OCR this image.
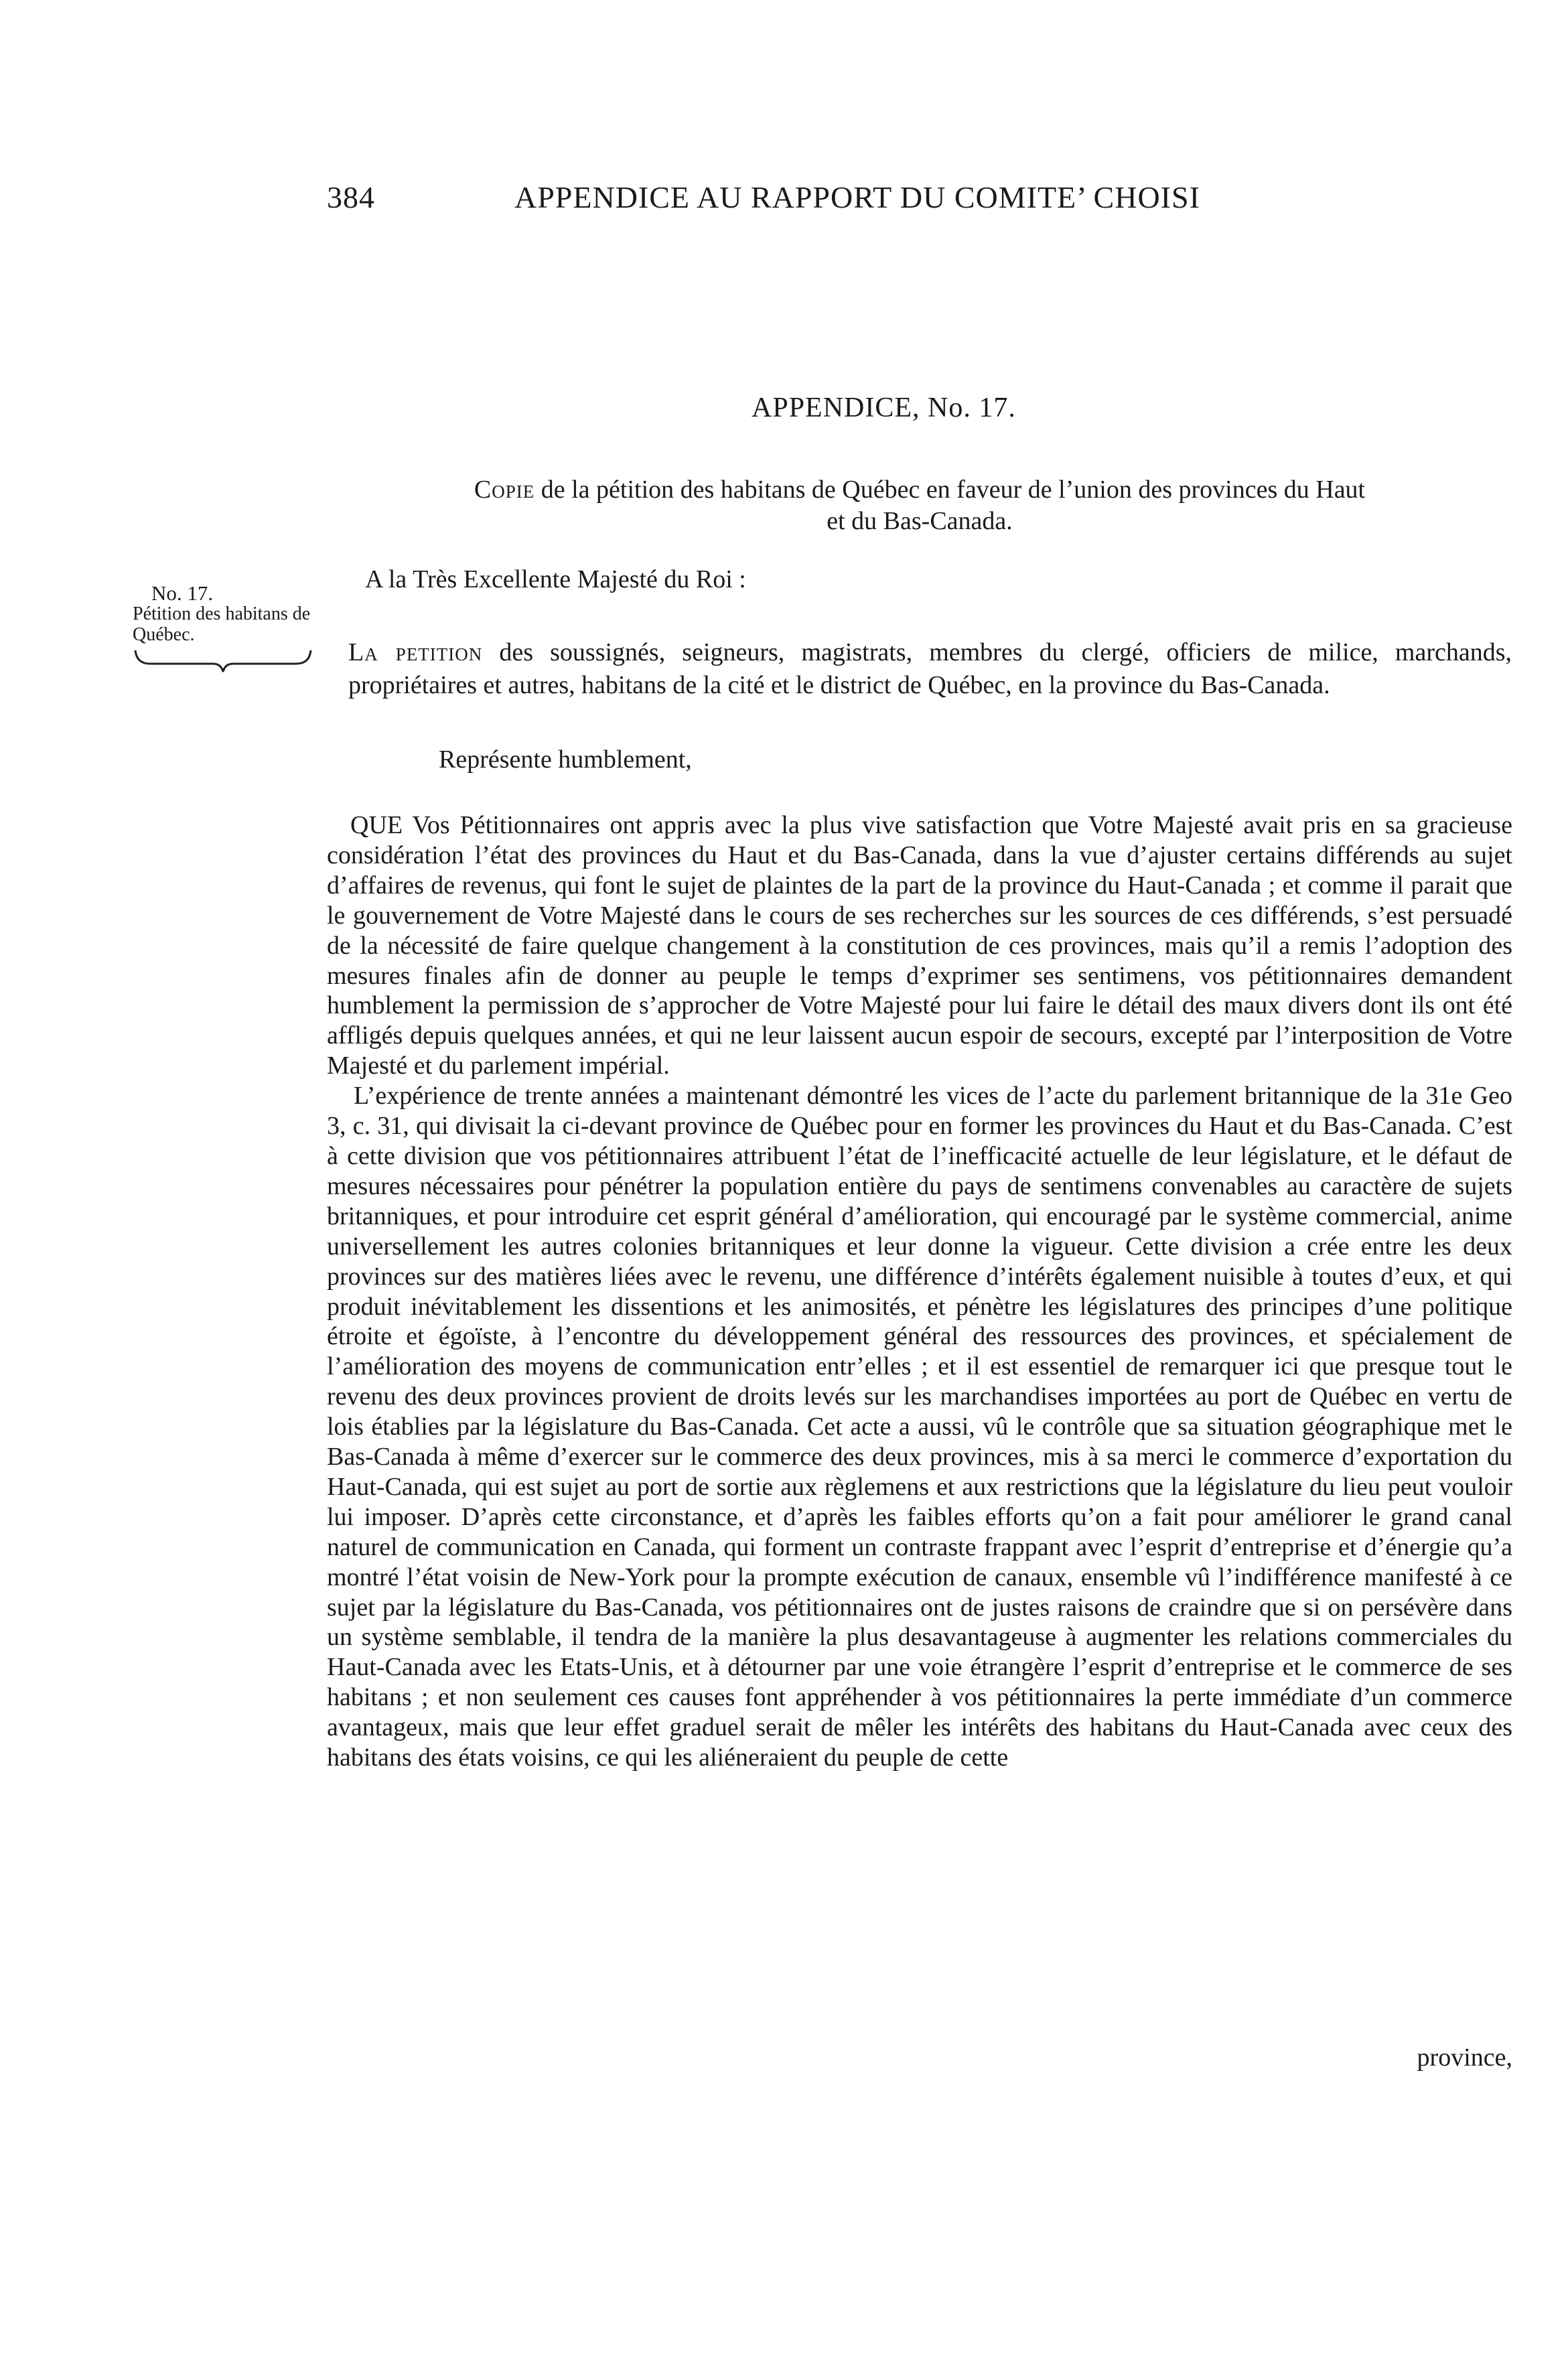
384	APPENDICE AU RAPPORT DU COMITE’ CHOISI
APPENDICE, No. 17.
Copie de la pétition des habitans de Québec en faveur de l’union des provinces du Haut
et du Bas-Canada.
A la Très Excellente Majesté du Roi :
No. 17.
Pétition des habitans de Québec.
La petition des soussignés, seigneurs, magistrats, membres du clergé, officiers de milice, marchands, propriétaires et autres, habitans de la cité et le district de Québec, en la province du Bas-Canada.
Représente humblement,

QUE Vos Pétitionnaires ont appris avec la plus vive satisfaction que Votre Majesté avait pris en sa gracieuse considération l’état des provinces du Haut et du Bas-Canada, dans la vue d’ajuster certains différends au sujet d’affaires de revenus, qui font le sujet de plaintes de la part de la province du Haut-Canada ; et comme il parait que le gouvernement de Votre Majesté dans le cours de ses recherches sur les sources de ces différends, s’est persuadé de la nécessité de faire quelque changement à la constitution de ces provinces, mais qu’il a remis l’adoption des mesures finales afin de donner au peuple le temps d’exprimer ses sentimens, vos pétitionnaires demandent humblement la permission de s’approcher de Votre Majesté pour lui faire le détail des maux divers dont ils ont été affligés depuis quelques années, et qui ne leur laissent aucun espoir de secours, excepté par l’interposition de Votre Majesté et du parlement impérial.

L’expérience de trente années a maintenant démontré les vices de l’acte du parlement britannique de la 31e Geo 3, c. 31, qui divisait la ci-devant province de Québec pour en former les provinces du Haut et du Bas-Canada. C’est à cette division que vos pétitionnaires attribuent l’état de l’inefficacité actuelle de leur législature, et le défaut de mesures nécessaires pour pénétrer la population entière du pays de sentimens convenables au caractère de sujets britanniques, et pour introduire cet esprit général d’amélioration, qui encouragé par le système commercial, anime universellement les autres colonies britanniques et leur donne la vigueur. Cette division a crée entre les deux provinces sur des matières liées avec le revenu, une différence d’intérêts également nuisible à toutes d’eux, et qui produit inévitablement les dissentions et les animosités, et pénètre les législatures des principes d’une politique étroite et égoïste, à l’encontre du développement général des ressources des provinces, et spécialement de l’amélioration des moyens de communication entr’elles ; et il est essentiel de remarquer ici que presque tout le revenu des deux provinces provient de droits levés sur les marchandises importées au port de Québec en vertu de lois établies par la législature du Bas-Canada. Cet acte a aussi, vû le contrôle que sa situation géographique met le Bas-Canada à même d’exercer sur le commerce des deux provinces, mis à sa merci le commerce d’exportation du Haut-Canada, qui est sujet au port de sortie aux règlemens et aux restrictions que la législature du lieu peut vouloir lui imposer. D’après cette circonstance, et d’après les faibles efforts qu’on a fait pour améliorer le grand canal naturel de communication en Canada, qui forment un contraste frappant avec l’esprit d’entreprise et d’énergie qu’a montré l’état voisin de New-York pour la prompte exécution de canaux, ensemble vû l’indifférence manifesté à ce sujet par la législature du Bas-Canada, vos pétitionnaires ont de justes raisons de craindre que si on persévère dans un système semblable, il tendra de la manière la plus desavantageuse à augmenter les relations commerciales du Haut-Canada avec les Etats-Unis, et à détourner par une voie étrangère l’esprit d’entreprise et le commerce de ses habitans ; et non seulement ces causes font appréhender à vos pétitionnaires la perte immédiate d’un commerce avantageux, mais que leur effet graduel serait de mêler les intérêts des habitans du Haut-Canada avec ceux des habitans des états voisins, ce qui les aliéneraient du peuple de cette

province,
